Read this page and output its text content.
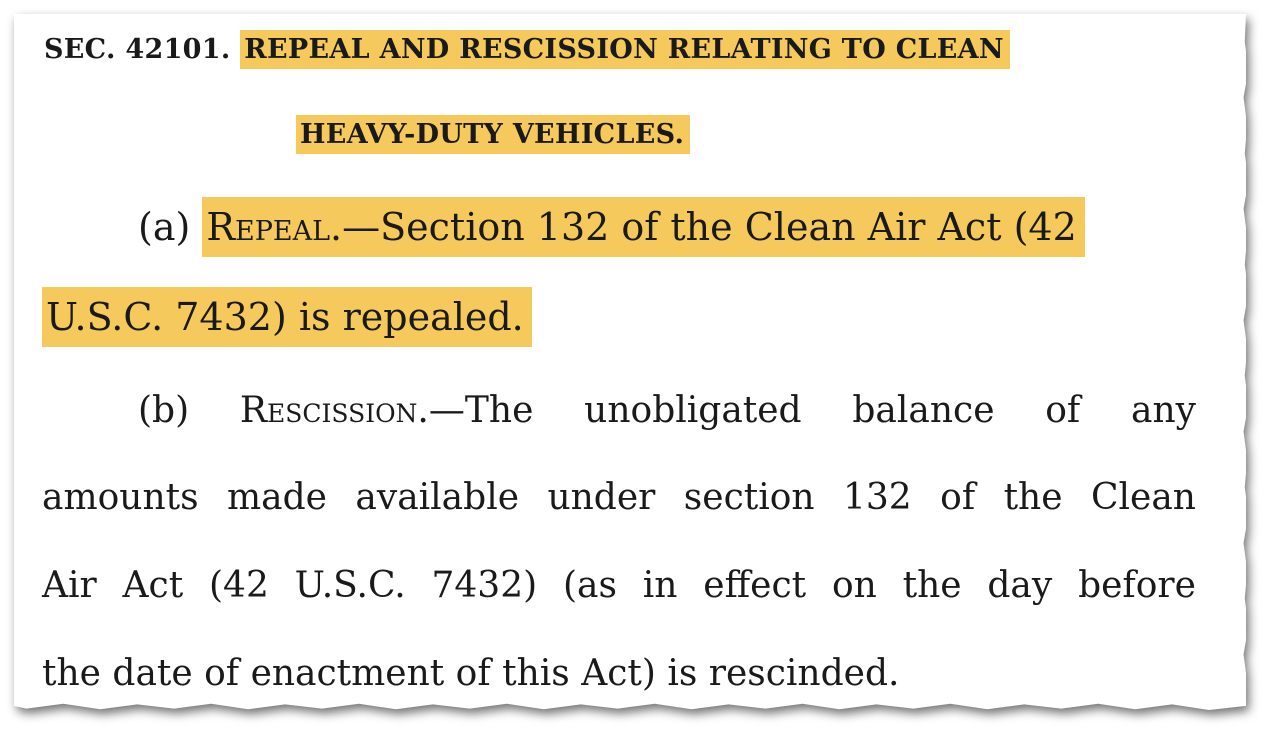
SEC. 42101. REPEAL AND RESCISSION RELATING TO CLEAN
HEAVY-DUTY VEHICLES.
(a) Repeal.—Section 132 of the Clean Air Act (42
U.S.C. 7432) is repealed.
(b) Rescission.—The unobligated balance of any
amounts made available under section 132 of the Clean
Air Act (42 U.S.C. 7432) (as in effect on the day before
the date of enactment of this Act) is rescinded.
